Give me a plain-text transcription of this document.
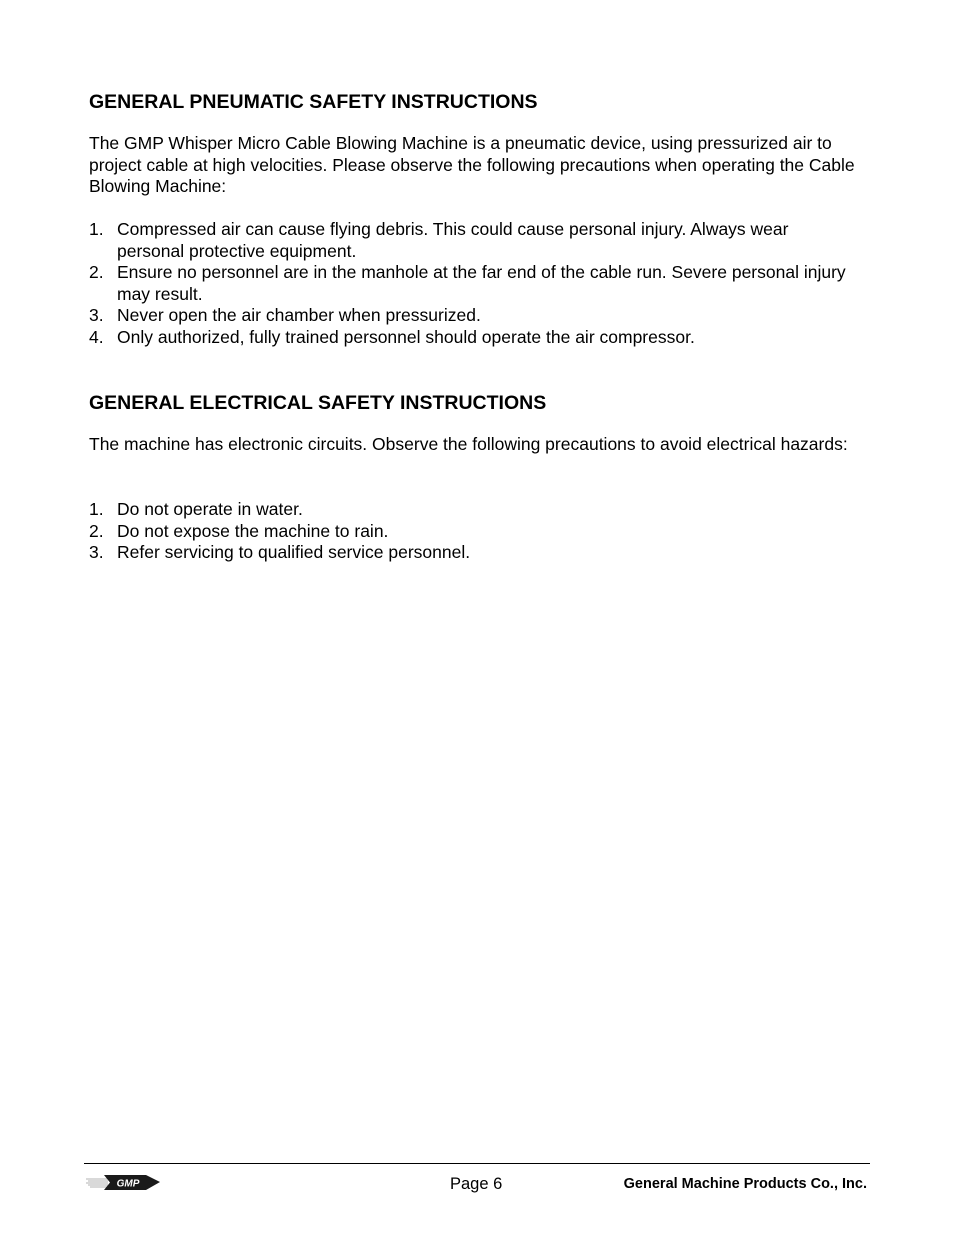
GENERAL PNEUMATIC SAFETY INSTRUCTIONS

The GMP Whisper Micro Cable Blowing Machine is a pneumatic device, using pressurized air to project cable at high velocities. Please observe the following precautions when operating the Cable Blowing Machine:

1. Compressed air can cause flying debris. This could cause personal injury. Always wear personal protective equipment.
2. Ensure no personnel are in the manhole at the far end of the cable run. Severe personal injury may result.
3. Never open the air chamber when pressurized.
4. Only authorized, fully trained personnel should operate the air compressor.
GENERAL ELECTRICAL SAFETY INSTRUCTIONS

The machine has electronic circuits. Observe the following precautions to avoid electrical hazards:

1. Do not operate in water.
2. Do not expose the machine to rain.
3. Refer servicing to qualified service personnel.
GMP	Page 6	General Machine Products Co., Inc.
